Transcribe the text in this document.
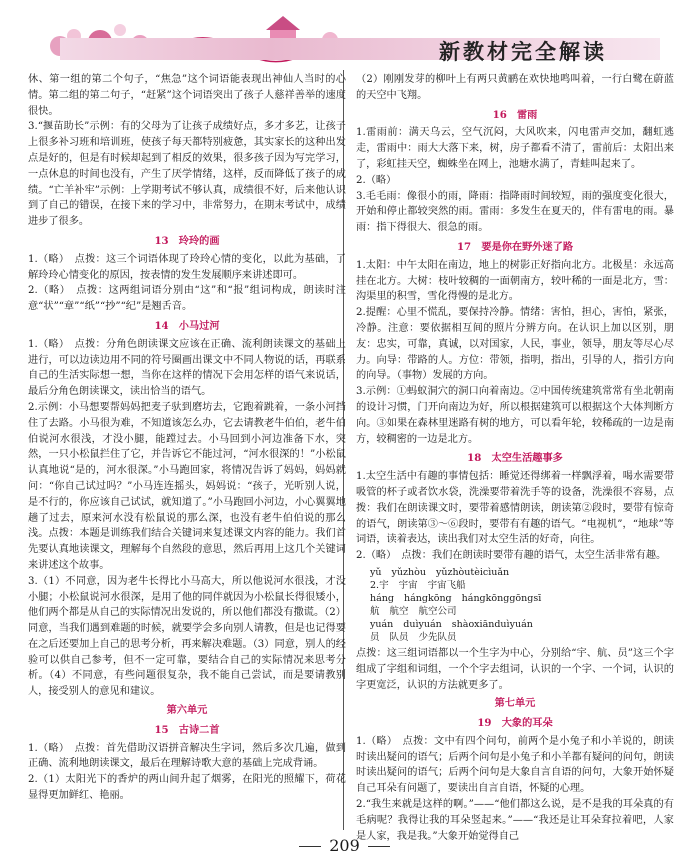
新教材完全解读

休、第一组的第二个句子，“焦急”这个词语能表现出神仙人当时的心情。第二组的第二句子，“赶紧”这个词语突出了孩子人慈祥善举的速度很快。

3.“揠苗助长”示例：有的父母为了让孩子成绩好点，多才多艺，让孩子上很多补习班和培训班，使孩子每天都特别疲惫，其实家长的这种出发点是好的，但是有时候却起到了相反的效果，很多孩子因为写完学习，一点休息的时间也没有，产生了厌学情绪，这样，反而降低了孩子的成绩。“亡羊补牢”示例：上学期考试不够认真，成绩很不好，后来他认识到了自己的错误，在接下来的学习中，非常努力，在期末考试中，成绩进步了很多。

13　玲玲的画

1.（略）　点拨：这三个词语体现了玲玲心情的变化，以此为基础，了解玲玲心情变化的原因，按表情的发生发展顺序来讲述即可。

2.（略）　点拨：这两组词语分别由“这”和“报”组词构成，朗读时注意“状”“章”“纸”“抄”“纪”是翘舌音。

14　小马过河

1.（略）　点拨：分角色朗读课文应该在正确、流利朗读课文的基础上进行，可以边读边用不同的符号圈画出课文中不同人物说的话，再联系自己的生活实际想一想，当你在这样的情况下会用怎样的语气来说话，最后分角色朗读课文，读出恰当的语气。

2.示例：小马想要帮妈妈把麦子驮到磨坊去，它跑着跳着，一条小河挡住了去路。小马很为难，不知道该怎么办，它去请教老牛伯伯，老牛伯伯说河水很浅，才没小腿，能蹚过去。小马回到小河边准备下水，突然，一只小松鼠拦住了它，并告诉它不能过河，“河水很深的！”小松鼠认真地说“是的，河水很深。”小马跑回家，将情况告诉了妈妈，妈妈就问：“你自己试过吗？”小马连连摇头，妈妈说：“孩子，光听别人说，是不行的，你应该自己试试，就知道了。”小马跑回小河边，小心翼翼地趟了过去，原来河水没有松鼠说的那么深，也没有老牛伯伯说的那么浅。点拨：本题是训练我们结合关键词来复述课文内容的能力。我们首先要认真地读课文，理解每个自然段的意思，然后再用上这几个关键词来讲述这个故事。

3.（1）不同意，因为老牛长得比小马高大，所以他说河水很浅，才没小腿；小松鼠说河水很深，是用了他的同伴就因为小松鼠长得很矮小，他们两个都是从自己的实际情况出发说的，所以他们都没有撒谎。（2）同意，当我们遇到难题的时候，就要学会多向别人请教，但是也记得要在之后还要加上自己的思考分析，再来解决难题。（3）同意，别人的经验可以供自己参考，但不一定可靠，要结合自己的实际情况来思考分析。（4）不同意，有些问题很复杂，我不能自己尝试，而是要请教别人，接受别人的意见和建议。

第六单元
15　古诗二首

1.（略）　点拨：首先借助汉语拼音解决生字词，然后多次几遍，做到正确、流利地朗读课文，最后在理解诗歌大意的基础上完成背诵。

2.（1）太阳光下的香炉的两山间升起了烟雾，在阳光的照耀下，荷花显得更加鲜红、艳丽。

（2）刚刚发芽的柳叶上有两只黄鹂在欢快地鸣叫着，一行白鹭在蔚蓝的天空中飞翔。

16　雷雨

1.雷雨前：满天乌云，空气沉闷，大风吹来，闪电雷声交加，翻虹逃走，雷雨中：雨大大落下来，树，房子都看不清了，雷前后：太阳出来了，彩虹挂天空，蜘蛛坐在网上，池塘水满了，青蛙叫起来了。

2.（略）

3.毛毛雨：像很小的雨，降雨：指降雨时间较短，雨的强度变化很大，开始和停止都较突然的雨。雷雨：多发生在夏天的，伴有雷电的雨。暴雨：指下得很大、很急的雨。

17　要是你在野外迷了路

1.太阳：中午太阳在南边，地上的树影正好指向北方。北极星：永远高挂在北方。大树：枝叶较稠的一面朝南方，较叶稀的一面是北方，雪：沟渠里的积雪，雪化得慢的是北方。

2.提醒：心里不慌乱，要保持冷静。情绪：害怕，担心，害怕，紧张，冷静。注意：要依据相互间的照片分辨方向。在认识上加以区别，朋友：忠实，可靠，真诚，以对国家，人民，事业，领导，朋友等尽心尽力。向导：带路的人。方位：带领，指明，指出，引导的人，指引方向的向导。（事物）发展的方向。

3.示例：①蚂蚁洞穴的洞口向着南边。②中国传统建筑常常有坐北朝南的设计习惯，门开向南边为好，所以根据建筑可以根据这个大体判断方向。③如果在森林里迷路有树的地方，可以看年轮，较稀疏的一边是南方，较稠密的一边是北方。

18　太空生活趣事多

1.太空生活中有趣的事情包括：睡觉还得绑着一样飘浮着，喝水需要带吸管的杯子或者饮水袋，洗澡要带着洗手等的设备，洗澡很不容易，点拨：我们在朗读课文时，要带着感情朗读，朗读第②段时，要带有惊奇的语气，朗读第③～⑥段时，要带有有趣的语气。“电视机”，“地球”等词语，读着表达，读出我们对太空生活的好奇，向往。

2.（略）　点拨：我们在朗读时要带有趣的语气，太空生活非常有趣。

yǔ yǔzhòu yǔzhòutèicìuǎn
2.宇 宇宙 宇宙飞船
háng hángkōng hángkōnggōngsī
航 航空 航空公司
yuán duìyuán shàoxiānduìyuán
员 队员 少先队员

点拨：这三组词语都以一个生字为中心，分别给“宇、航、员”这三个字组成了字组和词组，一个个字去组词，认识的一个字、一个词，认识的字更宽泛，认识的方法就更多了。

第七单元
19　大象的耳朵

1.（略）　点拨：文中有四个问句，前两个是小兔子和小羊说的，朗读时读出疑问的语气；后两个问句是小兔子和小羊都有疑问的问句，朗读时读出疑问的语气；后两个问句是大象自言自语的问句，大象开始怀疑自己耳朵有问题了，要读出自言自语，怀疑的心理。

2.“我生来就是这样的啊。”——“他们都这么说，是不是我的耳朵真的有毛病呢？我得让我的耳朵竖起来。”——“我还是让耳朵耷拉着吧，人家是人家，我是我。”大象开始觉得自己

209
